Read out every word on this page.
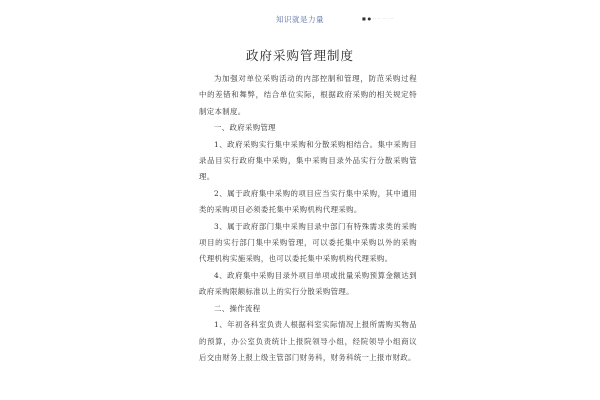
知识就是力量	■ ● ·· ·· ··· ···
政府采购管理制度

为加强对单位采购活动的内部控制和管理，防范采购过程 中的差错和舞弊，结合单位实际，根据政府采购的相关规定特 制定本制度。

一、政府采购管理

1、政府采购实行集中采购和分散采购相结合。集中采购目 录品目实行政府集中采购，集中采购目录外品实行分散采购管 理。

2、属于政府集中采购的项目应当实行集中采购，其中通用 类的采购项目必须委托集中采购机构代理采购。

3、属于政府部门集中采购目录中部门有特殊需求类的采购 项目的实行部门集中采购管理，可以委托集中采购以外的采购 代理机构实施采购，也可以委托集中采购机构代理采购。

4、政府集中采购目录外项目单项或批量采购预算金额达到 政府采购限额标准以上的实行分散采购管理。

二、操作流程

1、年初各科室负责人根据科室实际情况上报所需购买物品 的预算，办公室负责统计上报院领导小组，经院领导小组商议 后交由财务上报上级主管部门财务科，财务科统一上报市财政。
